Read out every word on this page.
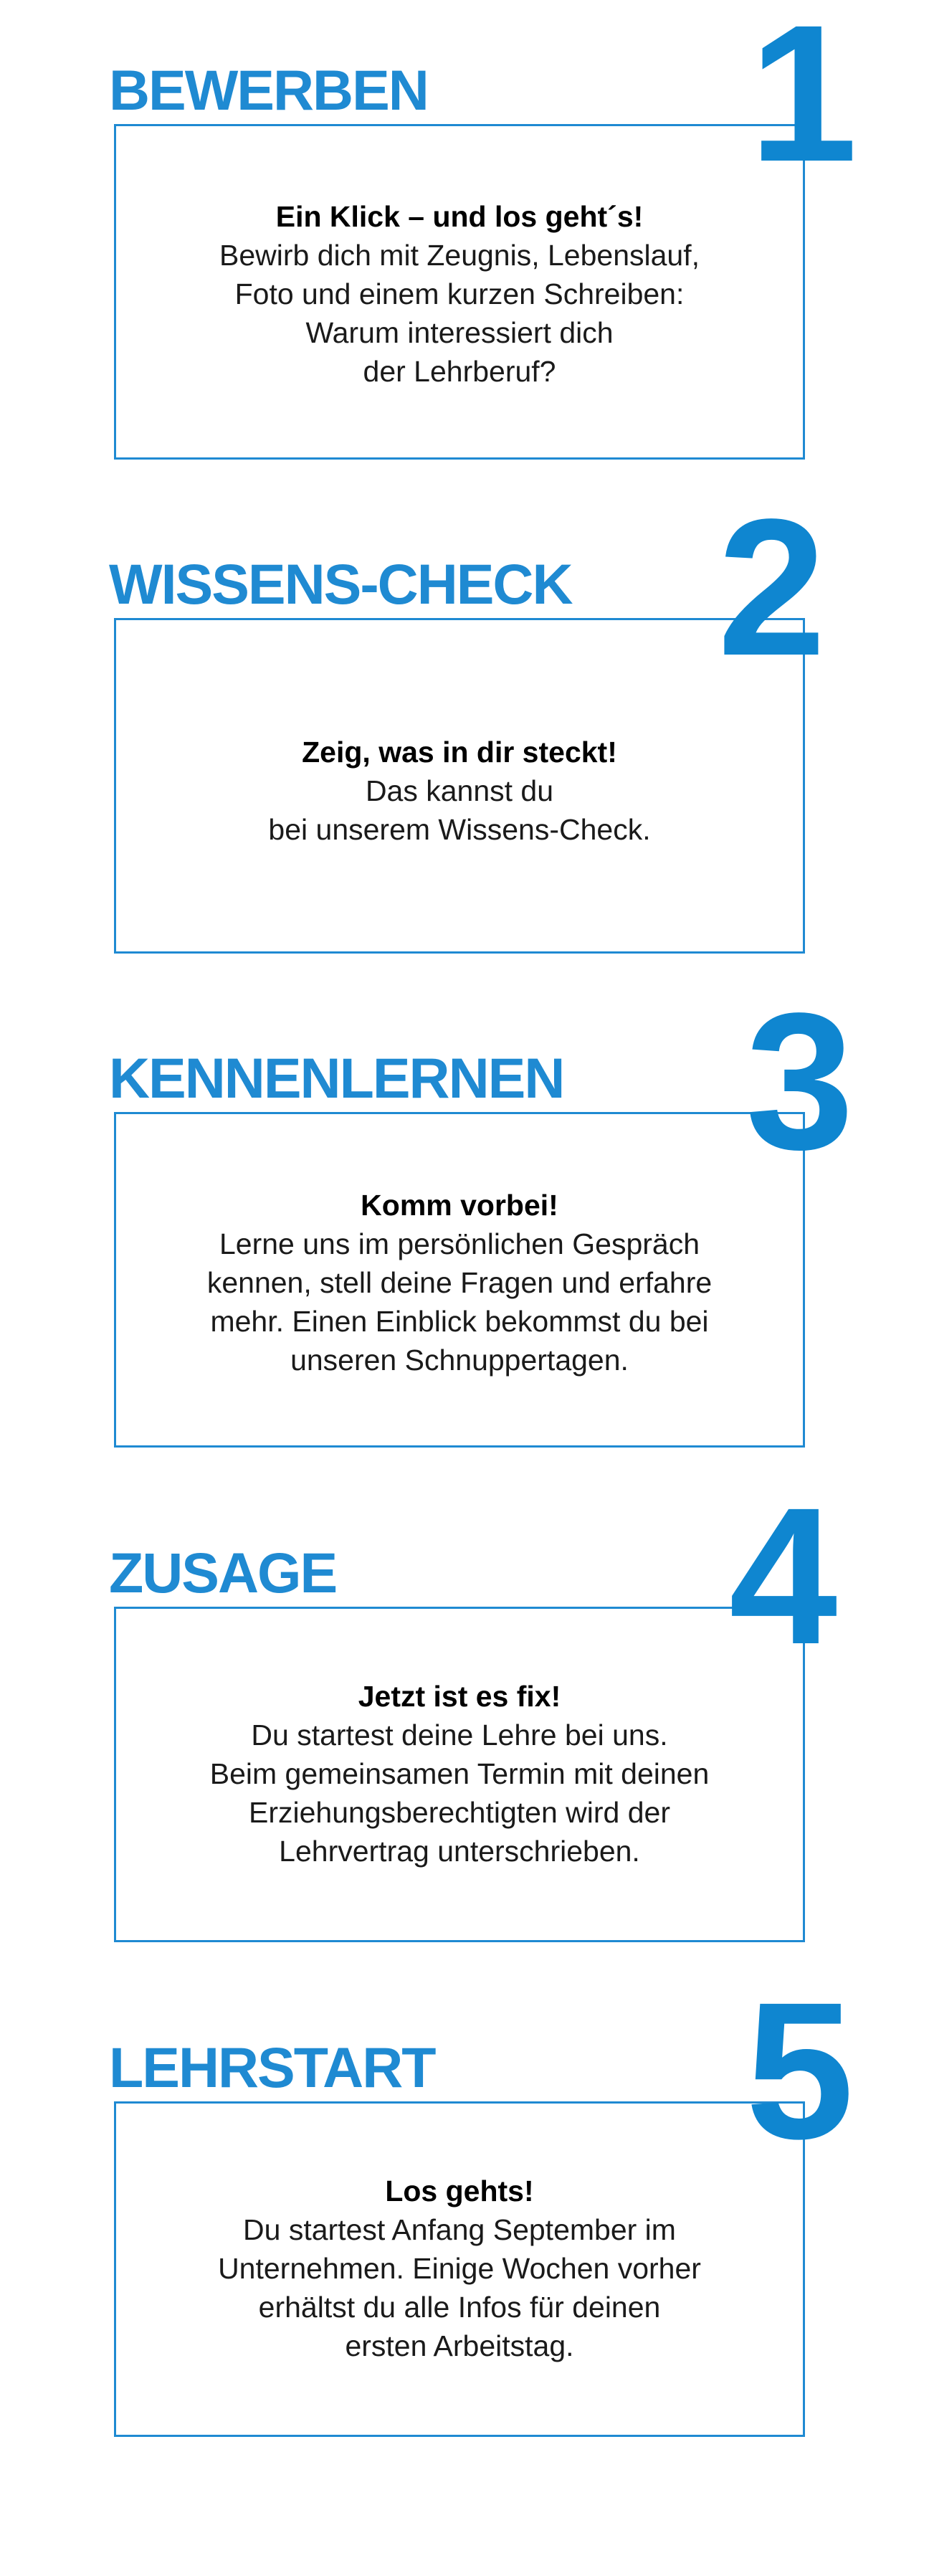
BEWERBEN 1
Ein Klick – und los geht´s!
Bewirb dich mit Zeugnis, Lebenslauf,
Foto und einem kurzen Schreiben:
Warum interessiert dich
der Lehrberuf?
WISSENS-CHECK 2
Zeig, was in dir steckt!
Das kannst du
bei unserem Wissens-Check.
KENNENLERNEN 3
Komm vorbei!
Lerne uns im persönlichen Gespräch
kennen, stell deine Fragen und erfahre
mehr. Einen Einblick bekommst du bei
unseren Schnuppertagen.
ZUSAGE 4
Jetzt ist es fix!
Du startest deine Lehre bei uns.
Beim gemeinsamen Termin mit deinen
Erziehungsberechtigten wird der
Lehrvertrag unterschrieben.
LEHRSTART 5
Los gehts!
Du startest Anfang September im
Unternehmen. Einige Wochen vorher
erhältst du alle Infos für deinen
ersten Arbeitstag.
